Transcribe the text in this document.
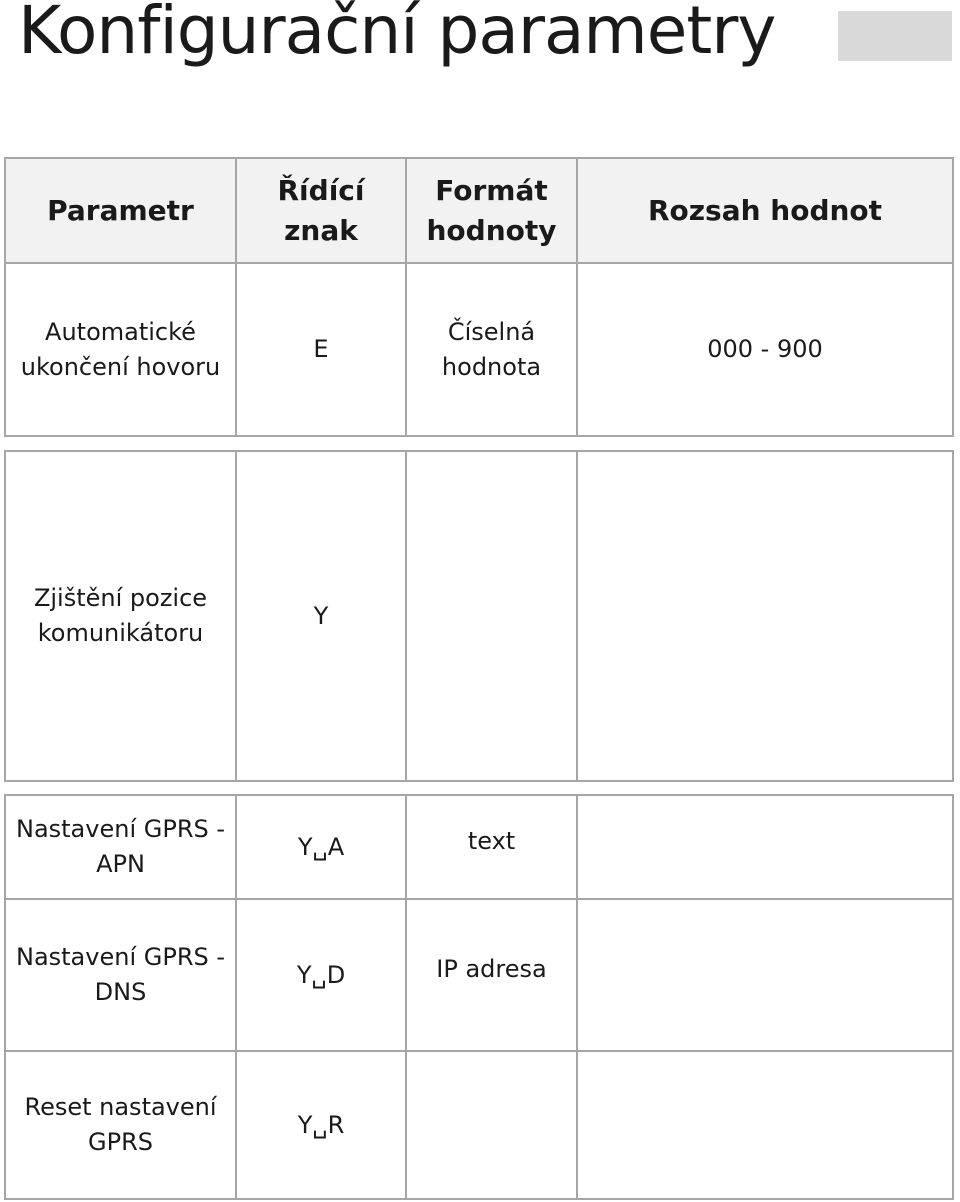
Konfigurační parametry
Parametr	Řídící znak	Formát hodnoty	Rozsah hodnot
Automatické ukončení hovoru	E	Číselná hodnota	000 - 900
Zjištění pozice komunikátoru	Y		
Nastavení GPRS - APN	Y␣A	text	
Nastavení GPRS - DNS	Y␣D	IP adresa	
Reset nastavení GPRS	Y␣R		
